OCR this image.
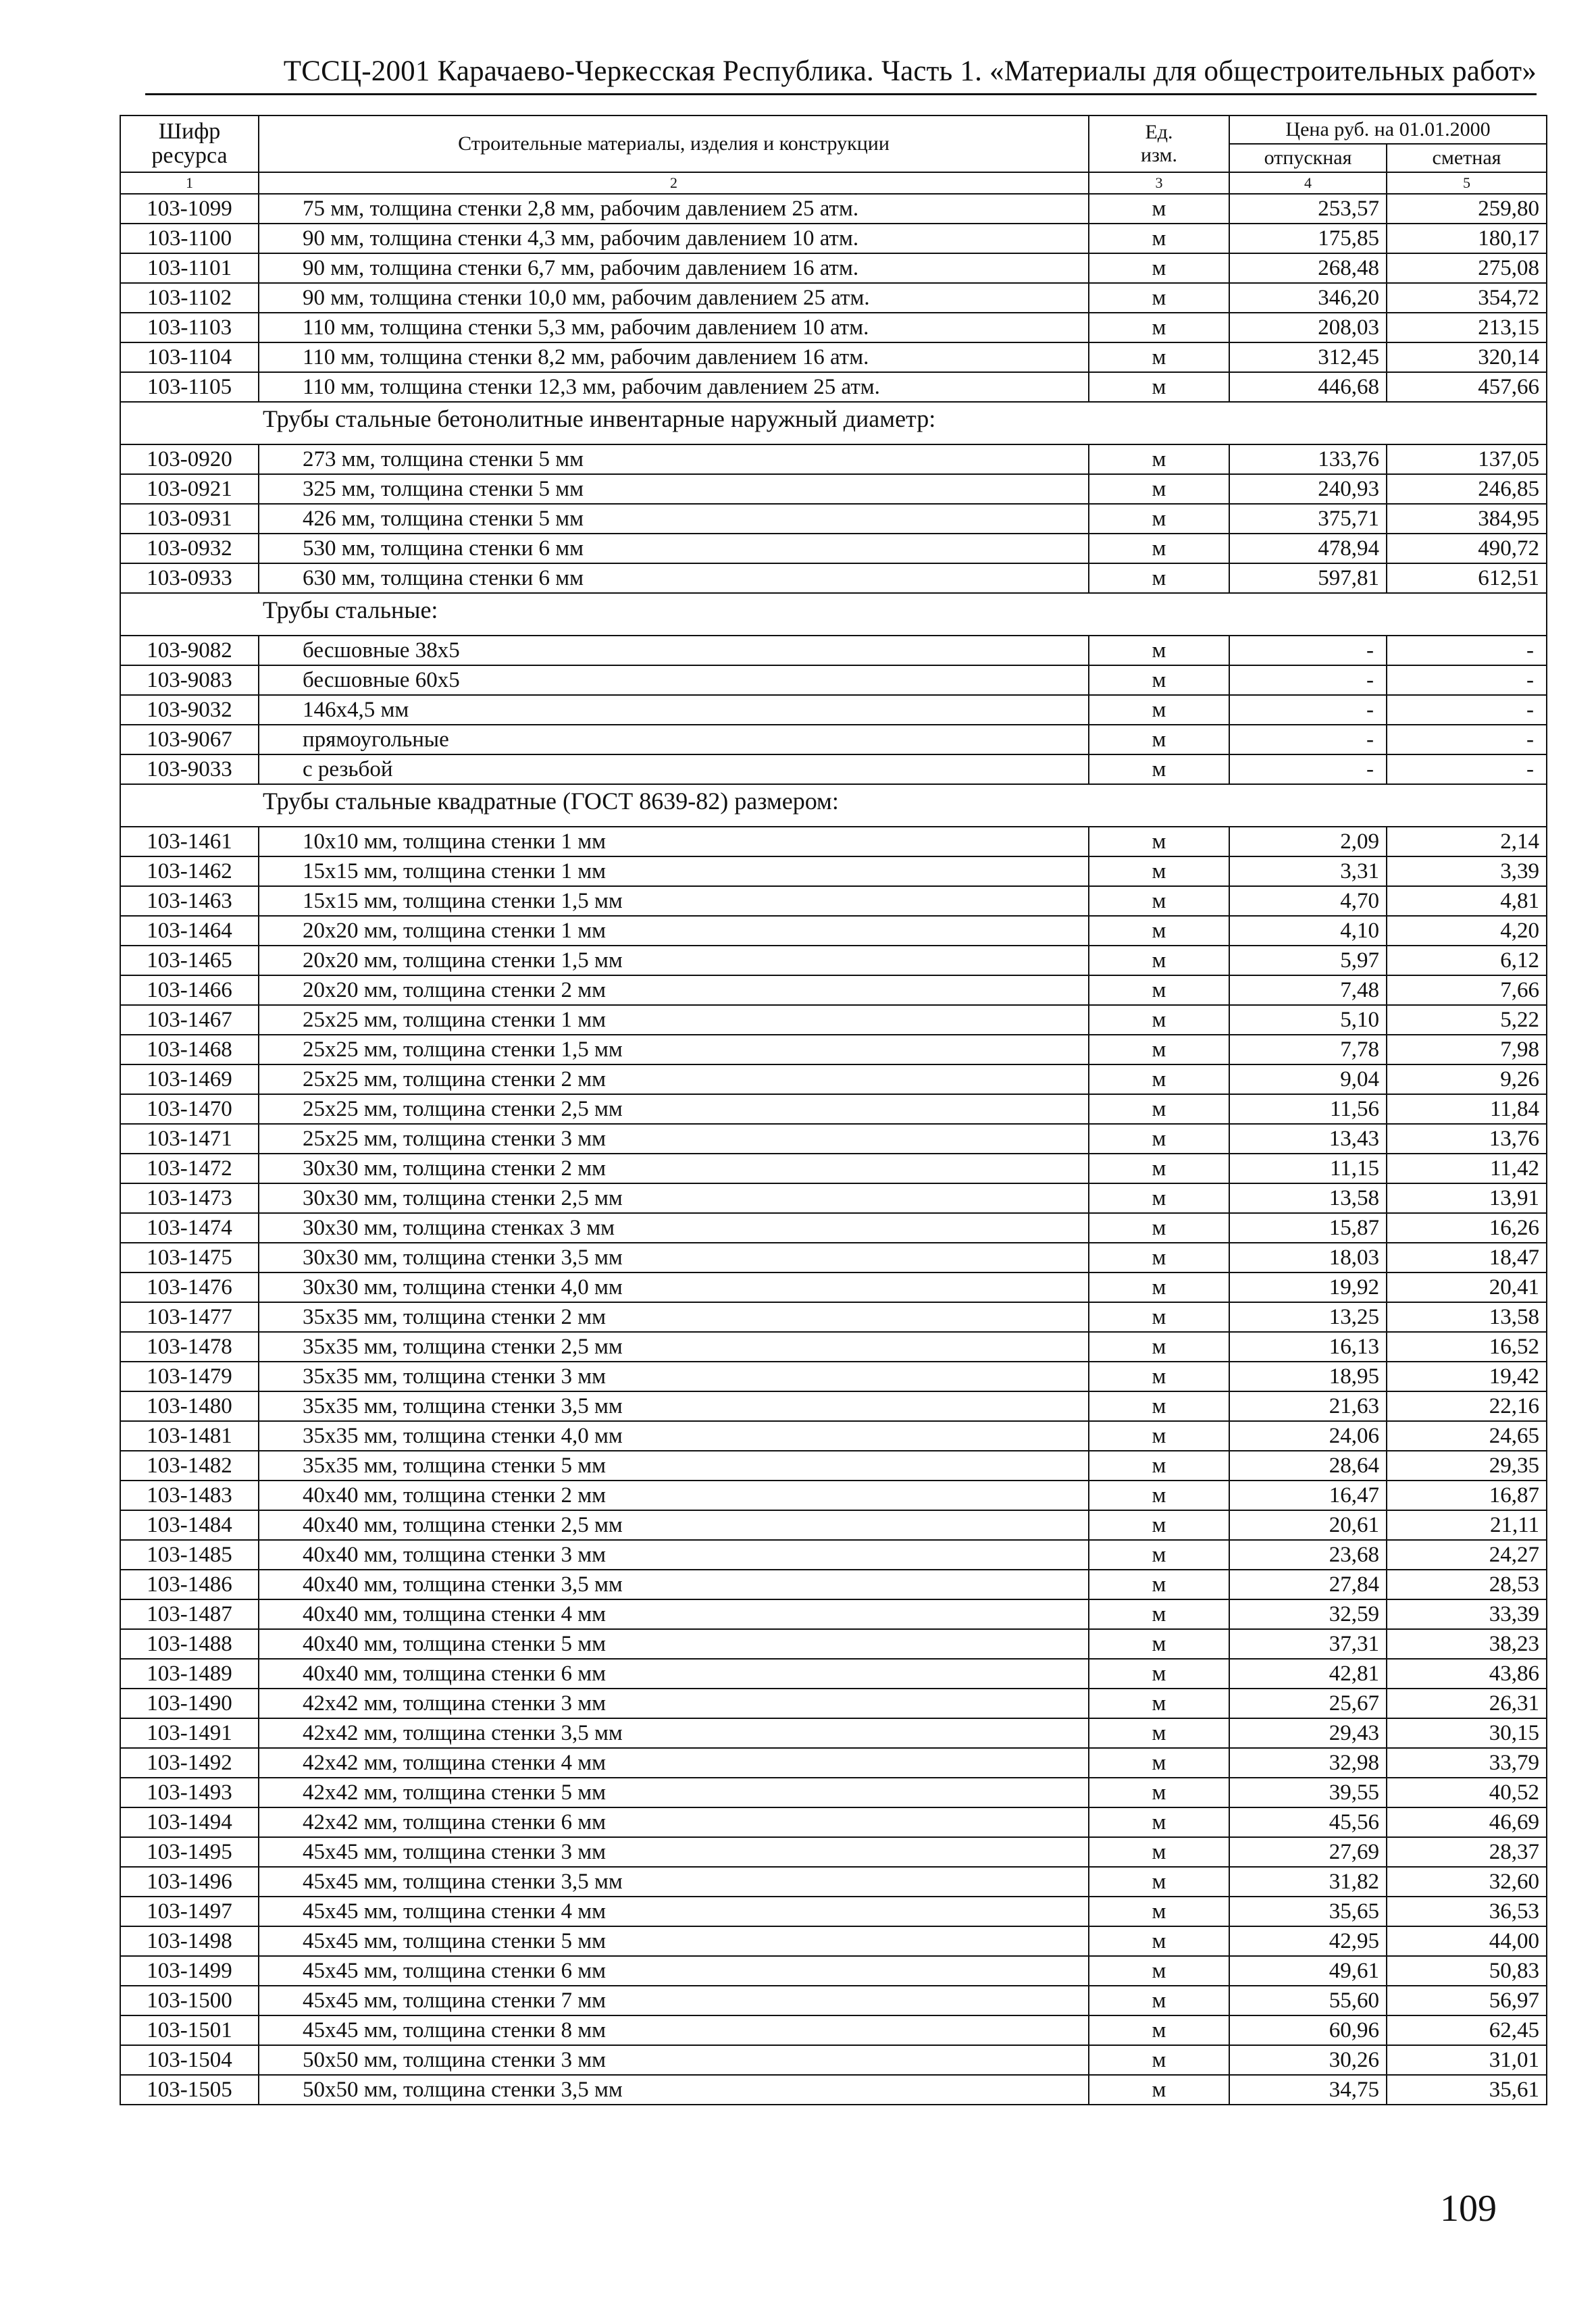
ТССЦ-2001 Карачаево-Черкесская Республика. Часть 1. «Материалы для общестроительных работ»
Шифр ресурса	Строительные материалы, изделия и конструкции	Ед. изм.	Цена руб. на 01.01.2000	
			отпускная	сметная
1	2	3	4	5
103-1099	75 мм, толщина стенки 2,8 мм, рабочим давлением 25 атм.	м	253,57	259,80
103-1100	90 мм, толщина стенки 4,3 мм, рабочим давлением 10 атм.	м	175,85	180,17
103-1101	90 мм, толщина стенки 6,7 мм, рабочим давлением 16 атм.	м	268,48	275,08
103-1102	90 мм, толщина стенки 10,0 мм, рабочим давлением 25 атм.	м	346,20	354,72
103-1103	110 мм, толщина стенки 5,3 мм, рабочим давлением 10 атм.	м	208,03	213,15
103-1104	110 мм, толщина стенки 8,2 мм, рабочим давлением 16 атм.	м	312,45	320,14
103-1105	110 мм, толщина стенки 12,3 мм, рабочим давлением 25 атм.	м	446,68	457,66
Трубы стальные бетонолитные инвентарные наружный диаметр:				
103-0920	273 мм, толщина стенки 5 мм	м	133,76	137,05
103-0921	325 мм, толщина стенки 5 мм	м	240,93	246,85
103-0931	426 мм, толщина стенки 5 мм	м	375,71	384,95
103-0932	530 мм, толщина стенки 6 мм	м	478,94	490,72
103-0933	630 мм, толщина стенки 6 мм	м	597,81	612,51
Трубы стальные:				
103-9082	бесшовные 38х5	м	-	-
103-9083	бесшовные 60х5	м	-	-
103-9032	146х4,5 мм	м	-	-
103-9067	прямоугольные	м	-	-
103-9033	с резьбой	м	-	-
Трубы стальные квадратные (ГОСТ 8639-82) размером:				
103-1461	10х10 мм, толщина стенки 1 мм	м	2,09	2,14
103-1462	15х15 мм, толщина стенки 1 мм	м	3,31	3,39
103-1463	15х15 мм, толщина стенки 1,5 мм	м	4,70	4,81
103-1464	20х20 мм, толщина стенки 1 мм	м	4,10	4,20
103-1465	20х20 мм, толщина стенки 1,5 мм	м	5,97	6,12
103-1466	20х20 мм, толщина стенки 2 мм	м	7,48	7,66
103-1467	25х25 мм, толщина стенки 1 мм	м	5,10	5,22
103-1468	25х25 мм, толщина стенки 1,5 мм	м	7,78	7,98
103-1469	25х25 мм, толщина стенки 2 мм	м	9,04	9,26
103-1470	25х25 мм, толщина стенки 2,5 мм	м	11,56	11,84
103-1471	25х25 мм, толщина стенки 3 мм	м	13,43	13,76
103-1472	30х30 мм, толщина стенки 2 мм	м	11,15	11,42
103-1473	30х30 мм, толщина стенки 2,5 мм	м	13,58	13,91
103-1474	30х30 мм, толщина стенках 3 мм	м	15,87	16,26
103-1475	30х30 мм, толщина стенки 3,5 мм	м	18,03	18,47
103-1476	30х30 мм, толщина стенки 4,0 мм	м	19,92	20,41
103-1477	35х35 мм, толщина стенки 2 мм	м	13,25	13,58
103-1478	35х35 мм, толщина стенки 2,5 мм	м	16,13	16,52
103-1479	35х35 мм, толщина стенки 3 мм	м	18,95	19,42
103-1480	35х35 мм, толщина стенки 3,5 мм	м	21,63	22,16
103-1481	35х35 мм, толщина стенки 4,0 мм	м	24,06	24,65
103-1482	35х35 мм, толщина стенки 5 мм	м	28,64	29,35
103-1483	40х40 мм, толщина стенки 2 мм	м	16,47	16,87
103-1484	40х40 мм, толщина стенки 2,5 мм	м	20,61	21,11
103-1485	40х40 мм, толщина стенки 3 мм	м	23,68	24,27
103-1486	40х40 мм, толщина стенки 3,5 мм	м	27,84	28,53
103-1487	40х40 мм, толщина стенки 4 мм	м	32,59	33,39
103-1488	40х40 мм, толщина стенки 5 мм	м	37,31	38,23
103-1489	40х40 мм, толщина стенки 6 мм	м	42,81	43,86
103-1490	42х42 мм, толщина стенки 3 мм	м	25,67	26,31
103-1491	42х42 мм, толщина стенки 3,5 мм	м	29,43	30,15
103-1492	42х42 мм, толщина стенки 4 мм	м	32,98	33,79
103-1493	42х42 мм, толщина стенки 5 мм	м	39,55	40,52
103-1494	42х42 мм, толщина стенки 6 мм	м	45,56	46,69
103-1495	45х45 мм, толщина стенки 3 мм	м	27,69	28,37
103-1496	45х45 мм, толщина стенки 3,5 мм	м	31,82	32,60
103-1497	45х45 мм, толщина стенки 4 мм	м	35,65	36,53
103-1498	45х45 мм, толщина стенки 5 мм	м	42,95	44,00
103-1499	45х45 мм, толщина стенки 6 мм	м	49,61	50,83
103-1500	45х45 мм, толщина стенки 7 мм	м	55,60	56,97
103-1501	45х45 мм, толщина стенки 8 мм	м	60,96	62,45
103-1504	50х50 мм, толщина стенки 3 мм	м	30,26	31,01
103-1505	50х50 мм, толщина стенки 3,5 мм	м	34,75	35,61
109
